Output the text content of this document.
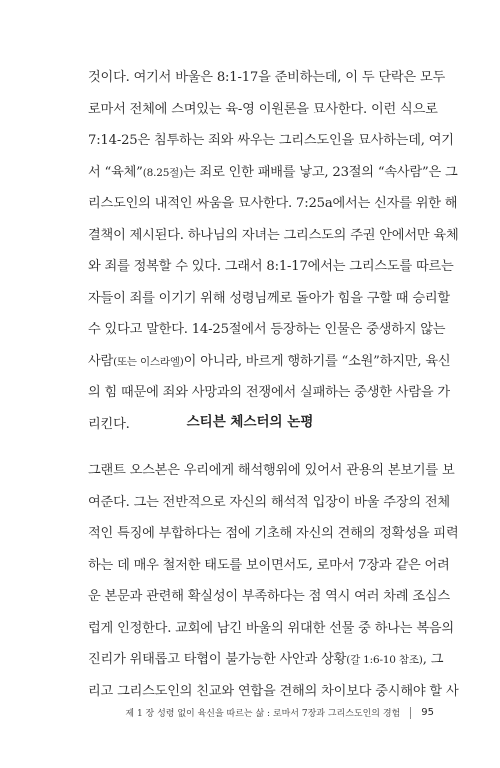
것이다. 여기서 바울은 8:1-17을 준비하는데, 이 두 단락은 모두
로마서 전체에 스며있는 육-영 이원론을 묘사한다. 이런 식으로
7:14-25은 침투하는 죄와 싸우는 그리스도인을 묘사하는데, 여기
서 “육체”(8.25절)는 죄로 인한 패배를 낳고, 23절의 “속사람”은 그
리스도인의 내적인 싸움을 묘사한다. 7:25a에서는 신자를 위한 해
결책이 제시된다. 하나님의 자녀는 그리스도의 주권 안에서만 육체
와 죄를 정복할 수 있다. 그래서 8:1-17에서는 그리스도를 따르는
자들이 죄를 이기기 위해 성령님께로 돌아가 힘을 구할 때 승리할
수 있다고 말한다. 14-25절에서 등장하는 인물은 중생하지 않는
사람(또는 이스라엘)이 아니라, 바르게 행하기를 “소원”하지만, 육신
의 힘 때문에 죄와 사망과의 전쟁에서 실패하는 중생한 사람을 가
리킨다.	스티븐 체스터의 논평
그랜트 오스본은 우리에게 해석행위에 있어서 관용의 본보기를 보
여준다. 그는 전반적으로 자신의 해석적 입장이 바울 주장의 전체
적인 특징에 부합하다는 점에 기초해 자신의 견해의 정확성을 피력
하는 데 매우 철저한 태도를 보이면서도, 로마서 7장과 같은 어려
운 본문과 관련해 확실성이 부족하다는 점 역시 여러 차례 조심스
럽게 인정한다. 교회에 남긴 바울의 위대한 선물 중 하나는 복음의
진리가 위태롭고 타협이 불가능한 사안과 상황(갈 1:6-10 참조), 그
리고 그리스도인의 친교와 연합을 견해의 차이보다 중시해야 할 사
제 1 장 성령 없이 육신을 따르는 삶 : 로마서 7장과 그리스도인의 경험 95
